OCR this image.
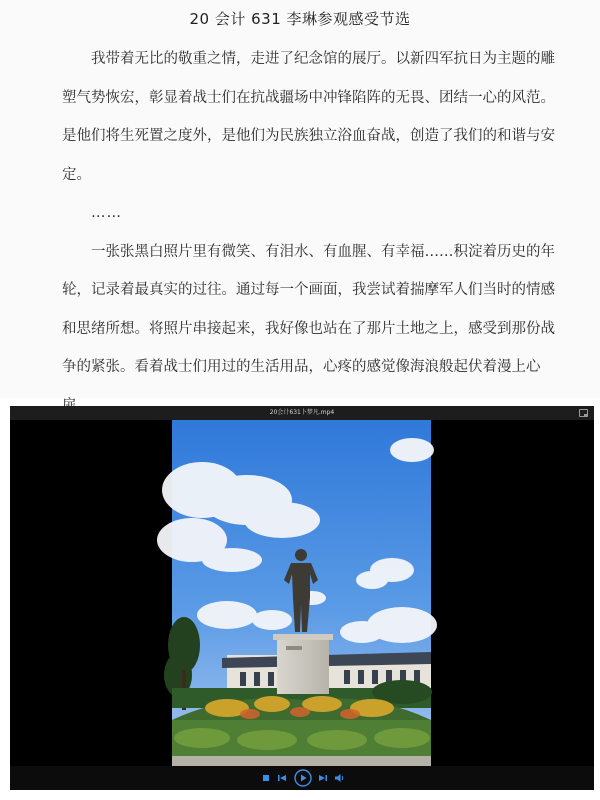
20 会计 631 李琳参观感受节选

我带着无比的敬重之情，走进了纪念馆的展厅。以新四军抗日为主题的雕塑气势恢宏，彰显着战士们在抗战疆场中冲锋陷阵的无畏、团结一心的风范。是他们将生死置之度外，是他们为民族独立浴血奋战，创造了我们的和谐与安定。

……

一张张黑白照片里有微笑、有泪水、有血腥、有幸福……积淀着历史的年轮，记录着最真实的过往。通过每一个画面，我尝试着揣摩军人们当时的情感和思绪所想。将照片串接起来，我好像也站在了那片土地之上，感受到那份战争的紧张。看着战士们用过的生活用品，心疼的感觉像海浪般起伏着漫上心

20会计631卜梦凡.mp4
